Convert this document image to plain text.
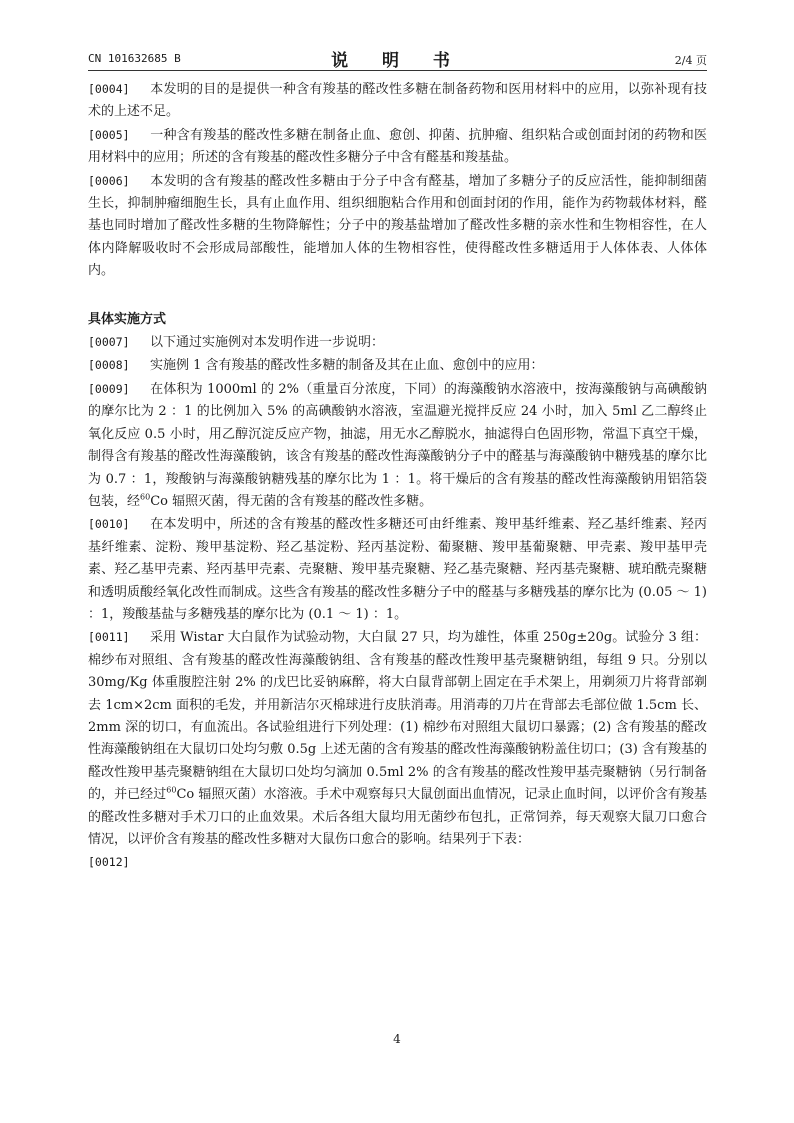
CN 101632685 B	说 明 书	2/4 页

[0004] 本发明的目的是提供一种含有羧基的醛改性多糖在制备药物和医用材料中的应用，以弥补现有技术的上述不足。

[0005] 一种含有羧基的醛改性多糖在制备止血、愈创、抑菌、抗肿瘤、组织粘合或创面封闭的药物和医用材料中的应用；所述的含有羧基的醛改性多糖分子中含有醛基和羧基盐。

[0006] 本发明的含有羧基的醛改性多糖由于分子中含有醛基，增加了多糖分子的反应活性，能抑制细菌生长，抑制肿瘤细胞生长，具有止血作用、组织细胞粘合作用和创面封闭的作用，能作为药物载体材料，醛基也同时增加了醛改性多糖的生物降解性；分子中的羧基盐增加了醛改性多糖的亲水性和生物相容性，在人体内降解吸收时不会形成局部酸性，能增加人体的生物相容性，使得醛改性多糖适用于人体体表、人体体内。

具体实施方式

[0007] 以下通过实施例对本发明作进一步说明：

[0008] 实施例 1 含有羧基的醛改性多糖的制备及其在止血、愈创中的应用：

[0009] 在体积为 1000ml 的 2%（重量百分浓度，下同）的海藻酸钠水溶液中，按海藻酸钠与高碘酸钠的摩尔比为 2 ：1 的比例加入 5% 的高碘酸钠水溶液，室温避光搅拌反应 24 小时，加入 5ml 乙二醇终止氧化反应 0.5 小时，用乙醇沉淀反应产物，抽滤，用无水乙醇脱水，抽滤得白色固形物，常温下真空干燥，制得含有羧基的醛改性海藻酸钠，该含有羧基的醛改性海藻酸钠分子中的醛基与海藻酸钠中糖残基的摩尔比为 0.7 ：1，羧酸钠与海藻酸钠糖残基的摩尔比为 1 ：1。将干燥后的含有羧基的醛改性海藻酸钠用铝箔袋包装，经$^{60}$Co 辐照灭菌，得无菌的含有羧基的醛改性多糖。

[0010] 在本发明中，所述的含有羧基的醛改性多糖还可由纤维素、羧甲基纤维素、羟乙基纤维素、羟丙基纤维素、淀粉、羧甲基淀粉、羟乙基淀粉、羟丙基淀粉、葡聚糖、羧甲基葡聚糖、甲壳素、羧甲基甲壳素、羟乙基甲壳素、羟丙基甲壳素、壳聚糖、羧甲基壳聚糖、羟乙基壳聚糖、羟丙基壳聚糖、琥珀酰壳聚糖和透明质酸经氧化改性而制成。这些含有羧基的醛改性多糖分子中的醛基与多糖残基的摩尔比为 (0.05 ～ 1) ：1，羧酸基盐与多糖残基的摩尔比为 (0.1 ～ 1) ：1。

[0011] 采用 Wistar 大白鼠作为试验动物，大白鼠 27 只，均为雄性，体重 250g±20g。试验分 3 组：棉纱布对照组、含有羧基的醛改性海藻酸钠组、含有羧基的醛改性羧甲基壳聚糖钠组，每组 9 只。分别以 30mg/Kg 体重腹腔注射 2% 的戊巴比妥钠麻醉，将大白鼠背部朝上固定在手术架上，用剃须刀片将背部剃去 1cm×2cm 面积的毛发，并用新洁尔灭棉球进行皮肤消毒。用消毒的刀片在背部去毛部位做 1.5cm 长、2mm 深的切口，有血流出。各试验组进行下列处理：(1) 棉纱布对照组大鼠切口暴露；(2) 含有羧基的醛改性海藻酸钠组在大鼠切口处均匀敷 0.5g 上述无菌的含有羧基的醛改性海藻酸钠粉盖住切口；(3) 含有羧基的醛改性羧甲基壳聚糖钠组在大鼠切口处均匀滴加 0.5ml 2% 的含有羧基的醛改性羧甲基壳聚糖钠（另行制备的，并已经过$^{60}$Co 辐照灭菌）水溶液。手术中观察每只大鼠创面出血情况，记录止血时间，以评价含有羧基的醛改性多糖对手术刀口的止血效果。术后各组大鼠均用无菌纱布包扎，正常饲养，每天观察大鼠刀口愈合情况，以评价含有羧基的醛改性多糖对大鼠伤口愈合的影响。结果列于下表：

[0012]

4
